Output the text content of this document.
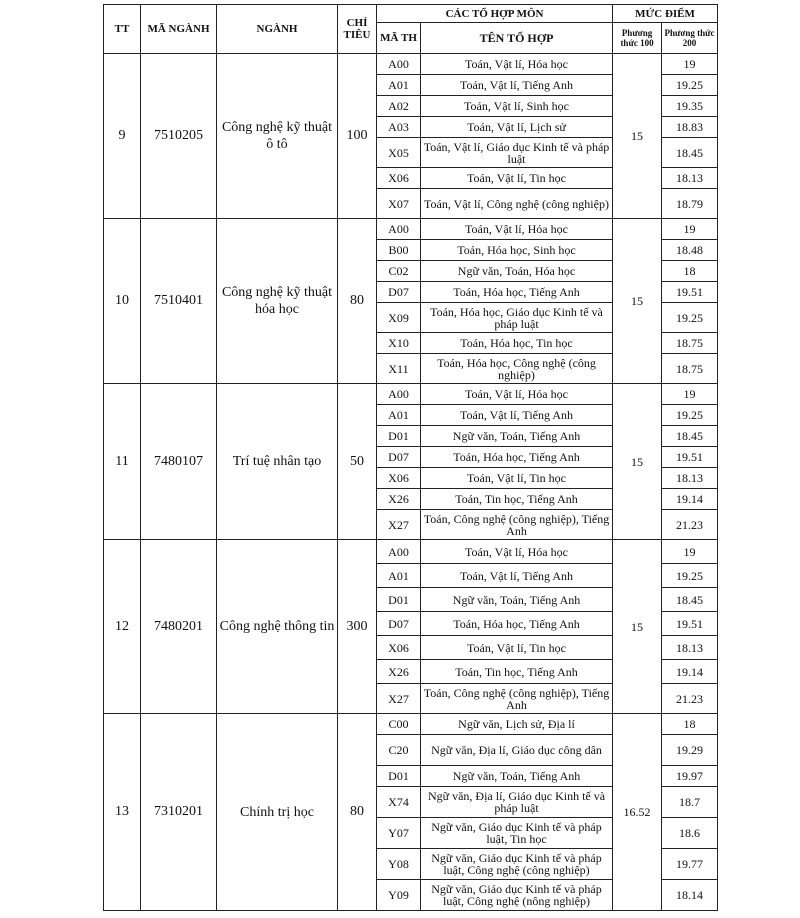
TT	MÃ NGÀNH	NGÀNH	CHỈ TIÊU	CÁC TỔ HỢP MÔN		MỨC ĐIỂM	
				MÃ TH	TÊN TỔ HỢP	Phương thức 100	Phương thức 200
9	7510205	Công nghệ kỹ thuật ô tô	100	A00	Toán, Vật lí, Hóa học	15	19
				A01	Toán, Vật lí, Tiếng Anh		19.25
				A02	Toán, Vật lí, Sinh học		19.35
				A03	Toán, Vật lí, Lịch sử		18.83
				X05	Toán, Vật lí, Giáo dục Kinh tế và pháp luật		18.45
				X06	Toán, Vật lí, Tin học		18.13
				X07	Toán, Vật lí, Công nghệ (công nghiệp)		18.79
10	7510401	Công nghệ kỹ thuật hóa học	80	A00	Toán, Vật lí, Hóa học	15	19
				B00	Toán, Hóa học, Sinh học		18.48
				C02	Ngữ văn, Toán, Hóa học		18
				D07	Toán, Hóa học, Tiếng Anh		19.51
				X09	Toán, Hóa học, Giáo dục Kinh tế và pháp luật		19.25
				X10	Toán, Hóa học, Tin học		18.75
				X11	Toán, Hóa học, Công nghệ (công nghiệp)		18.75
11	7480107	Trí tuệ nhân tạo	50	A00	Toán, Vật lí, Hóa học	15	19
				A01	Toán, Vật lí, Tiếng Anh		19.25
				D01	Ngữ văn, Toán, Tiếng Anh		18.45
				D07	Toán, Hóa học, Tiếng Anh		19.51
				X06	Toán, Vật lí, Tin học		18.13
				X26	Toán, Tin học, Tiếng Anh		19.14
				X27	Toán, Công nghệ (công nghiệp), Tiếng Anh		21.23
12	7480201	Công nghệ thông tin	300	A00	Toán, Vật lí, Hóa học	15	19
				A01	Toán, Vật lí, Tiếng Anh		19.25
				D01	Ngữ văn, Toán, Tiếng Anh		18.45
				D07	Toán, Hóa học, Tiếng Anh		19.51
				X06	Toán, Vật lí, Tin học		18.13
				X26	Toán, Tin học, Tiếng Anh		19.14
				X27	Toán, Công nghệ (công nghiệp), Tiếng Anh		21.23
13	7310201	Chính trị học	80	C00	Ngữ văn, Lịch sử, Địa lí	16.52	18
				C20	Ngữ văn, Địa lí, Giáo dục công dân		19.29
				D01	Ngữ văn, Toán, Tiếng Anh		19.97
				X74	Ngữ văn, Địa lí, Giáo dục Kinh tế và pháp luật		18.7
				Y07	Ngữ văn, Giáo dục Kinh tế và pháp luật, Tin học		18.6
				Y08	Ngữ văn, Giáo dục Kinh tế và pháp luật, Công nghệ (công nghiệp)		19.77
				Y09	Ngữ văn, Giáo dục Kinh tế và pháp luật, Công nghệ (nông nghiệp)		18.14
